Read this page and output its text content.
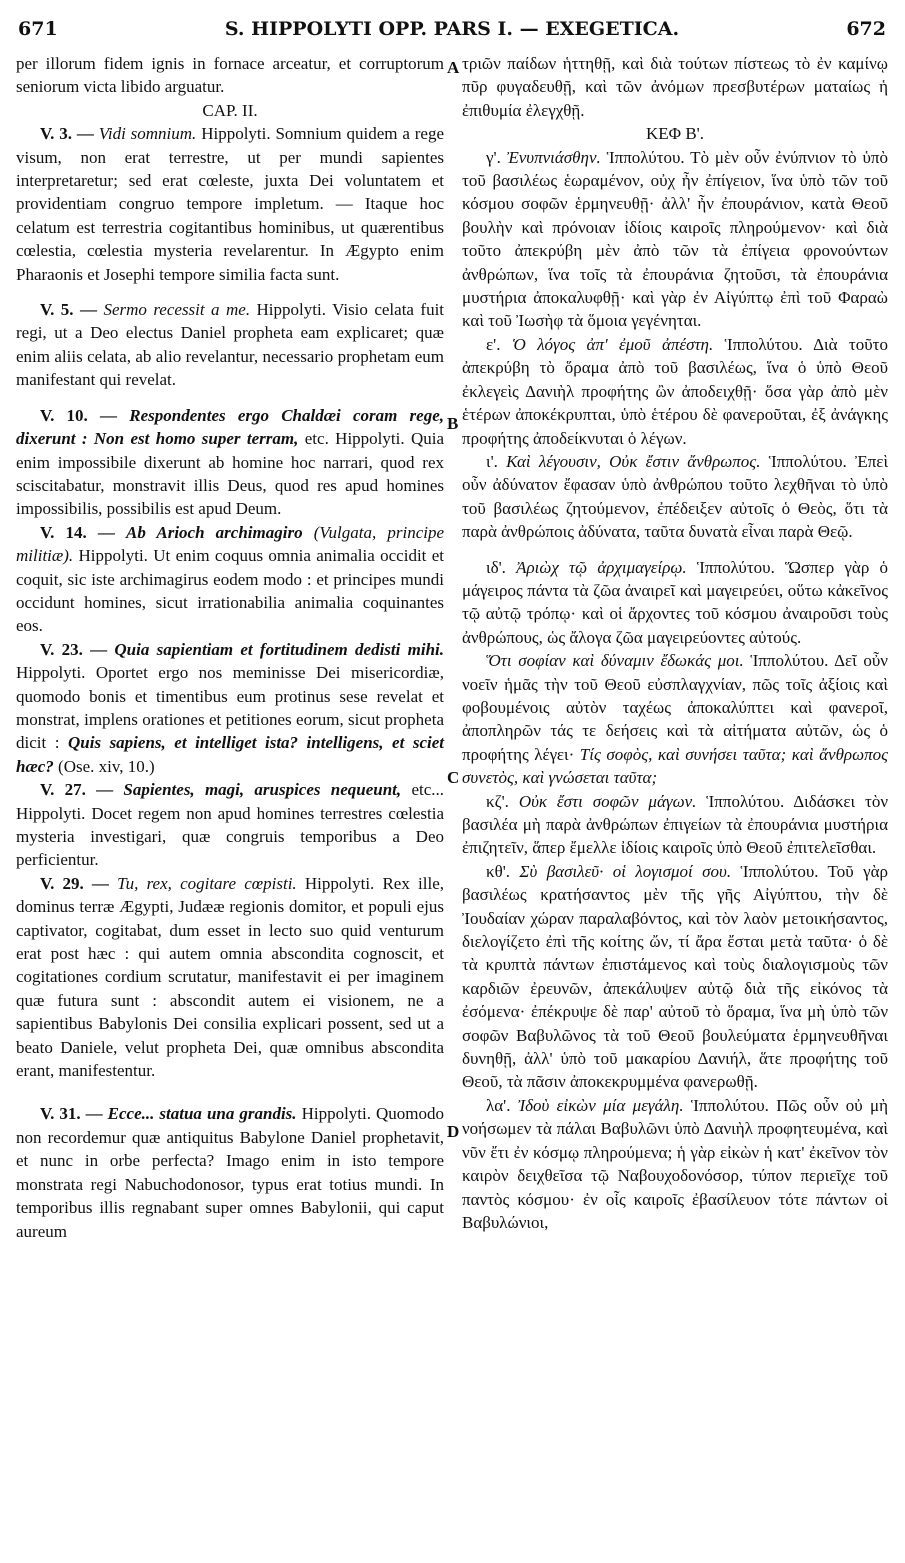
671	S. HIPPOLYTI OPP. PARS I. — EXEGETICA.	672
A
B
C
D

per illorum fidem ignis in fornace arceatur, et corruptorum seniorum victa libido arguatur.

CAP. II.

V. 3. — Vidi somnium. Hippolyti. Somnium quidem a rege visum, non erat terrestre, ut per mundi sapientes interpretaretur; sed erat cœleste, juxta Dei voluntatem et providentiam congruo tempore impletum. — Itaque hoc celatum est terrestria cogitantibus hominibus, ut quærentibus cœlestia, cœlestia mysteria revelarentur. In Ægypto enim Pharaonis et Josephi tempore similia facta sunt.

V. 5. — Sermo recessit a me. Hippolyti. Visio celata fuit regi, ut a Deo electus Daniel propheta eam explicaret; quæ enim aliis celata, ab alio revelantur, necessario prophetam eum manifestant qui revelat.

V. 10. — Respondentes ergo Chaldæi coram rege, dixerunt : Non est homo super terram, etc. Hippolyti. Quia enim impossibile dixerunt ab homine hoc narrari, quod rex sciscitabatur, monstravit illis Deus, quod res apud homines impossibilis, possibilis est apud Deum.

V. 14. — Ab Arioch archimagiro (Vulgata, principe militiæ). Hippolyti. Ut enim coquus omnia animalia occidit et coquit, sic iste archimagirus eodem modo : et principes mundi occidunt homines, sicut irrationabilia animalia coquinantes eos.

V. 23. — Quia sapientiam et fortitudinem dedisti mihi. Hippolyti. Oportet ergo nos meminisse Dei misericordiæ, quomodo bonis et timentibus eum protinus sese revelat et monstrat, implens orationes et petitiones eorum, sicut propheta dicit : Quis sapiens, et intelliget ista? intelligens, et sciet hæc? (Ose. xiv, 10.)

V. 27. — Sapientes, magi, aruspices nequeunt, etc... Hippolyti. Docet regem non apud homines terrestres cœlestia mysteria investigari, quæ congruis temporibus a Deo perficientur.

V. 29. — Tu, rex, cogitare cœpisti. Hippolyti. Rex ille, dominus terræ Ægypti, Judææ regionis domitor, et populi ejus captivator, cogitabat, dum esset in lecto suo quid venturum erat post hæc : qui autem omnia abscondita cognoscit, et cogitationes cordium scrutatur, manifestavit ei per imaginem quæ futura sunt : abscondit autem ei visionem, ne a sapientibus Babylonis Dei consilia explicari possent, sed ut a beato Daniele, velut propheta Dei, quæ omnibus abscondita erant, manifestentur.

V. 31. — Ecce... statua una grandis. Hippolyti. Quomodo non recordemur quæ antiquitus Babylone Daniel prophetavit, et nunc in orbe perfecta? Imago enim in isto tempore monstrata regi Nabuchodonosor, typus erat totius mundi. In temporibus illis regnabant super omnes Babylonii, qui caput aureum

τριῶν παίδων ἡττηθῇ, καὶ διὰ τούτων πίστεως τὸ ἐν καμίνῳ πῦρ φυγαδευθῇ, καὶ τῶν ἀνόμων πρεσβυτέρων ματαίως ἡ ἐπιθυμία ἐλεγχθῇ.

ΚΕΦ Β'.

γ'. Ἐνυπνιάσθην. Ἱππολύτου. Τὸ μὲν οὖν ἐνύπνιον τὸ ὑπὸ τοῦ βασιλέως ἑωραμένον, οὐχ ἦν ἐπίγειον, ἵνα ὑπὸ τῶν τοῦ κόσμου σοφῶν ἑρμηνευθῇ· ἀλλ' ἦν ἐπουράνιον, κατὰ Θεοῦ βουλὴν καὶ πρόνοιαν ἰδίοις καιροῖς πληρούμενον· καὶ διὰ τοῦτο ἀπεκρύβη μὲν ἀπὸ τῶν τὰ ἐπίγεια φρονούντων ἀνθρώπων, ἵνα τοῖς τὰ ἐπουράνια ζητοῦσι, τὰ ἐπουράνια μυστήρια ἀποκαλυφθῇ· καὶ γὰρ ἐν Αἰγύπτῳ ἐπὶ τοῦ Φαραὼ καὶ τοῦ Ἰωσὴφ τὰ ὅμοια γεγένηται.

ε'. Ὁ λόγος ἀπ' ἐμοῦ ἀπέστη. Ἱππολύτου. Διὰ τοῦτο ἀπεκρύβη τὸ ὅραμα ἀπὸ τοῦ βασιλέως, ἵνα ὁ ὑπὸ Θεοῦ ἐκλεγεὶς Δανιὴλ προφήτης ὢν ἀποδειχθῇ· ὅσα γὰρ ἀπὸ μὲν ἑτέρων ἀποκέκρυπται, ὑπὸ ἑτέρου δὲ φανεροῦται, ἐξ ἀνάγκης προφήτης ἀποδείκνυται ὁ λέγων.

ι'. Καὶ λέγουσιν, Οὐκ ἔστιν ἄνθρωπος. Ἱππολύτου. Ἐπεὶ οὖν ἀδύνατον ἔφασαν ὑπὸ ἀνθρώπου τοῦτο λεχθῆναι τὸ ὑπὸ τοῦ βασιλέως ζητούμενον, ἐπέδειξεν αὐτοῖς ὁ Θεὸς, ὅτι τὰ παρὰ ἀνθρώποις ἀδύνατα, ταῦτα δυνατὰ εἶναι παρὰ Θεῷ.

ιδ'. Ἀριὼχ τῷ ἀρχιμαγείρῳ. Ἱππολύτου. Ὥσπερ γὰρ ὁ μάγειρος πάντα τὰ ζῶα ἀναιρεῖ καὶ μαγειρεύει, οὕτω κἀκεῖνος τῷ αὐτῷ τρόπῳ· καὶ οἱ ἄρχοντες τοῦ κόσμου ἀναιροῦσι τοὺς ἀνθρώπους, ὡς ἄλογα ζῶα μαγειρεύοντες αὐτούς.

Ὅτι σοφίαν καὶ δύναμιν ἔδωκάς μοι. Ἱππολύτου. Δεῖ οὖν νοεῖν ἡμᾶς τὴν τοῦ Θεοῦ εὐσπλαγχνίαν, πῶς τοῖς ἀξίοις καὶ φοβουμένοις αὐτὸν ταχέως ἀποκαλύπτει καὶ φανεροῖ, ἀποπληρῶν τάς τε δεήσεις καὶ τὰ αἰτήματα αὐτῶν, ὡς ὁ προφήτης λέγει· Τίς σοφὸς, καὶ συνήσει ταῦτα; καὶ ἄνθρωπος συνετὸς, καὶ γνώσεται ταῦτα;

κζ'. Οὐκ ἔστι σοφῶν μάγων. Ἱππολύτου. Διδάσκει τὸν βασιλέα μὴ παρὰ ἀνθρώπων ἐπιγείων τὰ ἐπουράνια μυστήρια ἐπιζητεῖν, ἅπερ ἔμελλε ἰδίοις καιροῖς ὑπὸ Θεοῦ ἐπιτελεῖσθαι.

κθ'. Σὺ βασιλεῦ· οἱ λογισμοί σου. Ἱππολύτου. Τοῦ γὰρ βασιλέως κρατήσαντος μὲν τῆς γῆς Αἰγύπτου, τὴν δὲ Ἰουδαίαν χώραν παραλαβόντος, καὶ τὸν λαὸν μετοικήσαντος, διελογίζετο ἐπὶ τῆς κοίτης ὤν, τί ἄρα ἔσται μετὰ ταῦτα· ὁ δὲ τὰ κρυπτὰ πάντων ἐπιστάμενος καὶ τοὺς διαλογισμοὺς τῶν καρδιῶν ἐρευνῶν, ἀπεκάλυψεν αὐτῷ διὰ τῆς εἰκόνος τὰ ἐσόμενα· ἐπέκρυψε δὲ παρ' αὐτοῦ τὸ ὅραμα, ἵνα μὴ ὑπὸ τῶν σοφῶν Βαβυλῶνος τὰ τοῦ Θεοῦ βουλεύματα ἑρμηνευθῆναι δυνηθῇ, ἀλλ' ὑπὸ τοῦ μακαρίου Δανιήλ, ἅτε προφήτης τοῦ Θεοῦ, τὰ πᾶσιν ἀποκεκρυμμένα φανερωθῇ.

λα'. Ἰδοὺ εἰκὼν μία μεγάλη. Ἱππολύτου. Πῶς οὖν οὐ μὴ νοήσωμεν τὰ πάλαι Βαβυλῶνι ὑπὸ Δανιὴλ προφητευμένα, καὶ νῦν ἔτι ἐν κόσμῳ πληρούμενα; ἡ γὰρ εἰκὼν ἡ κατ' ἐκεῖνον τὸν καιρὸν δειχθεῖσα τῷ Ναβουχοδονόσορ, τύπον περιεῖχε τοῦ παντὸς κόσμου· ἐν οἷς καιροῖς ἐβασίλευον τότε πάντων οἱ Βαβυλώνιοι,
